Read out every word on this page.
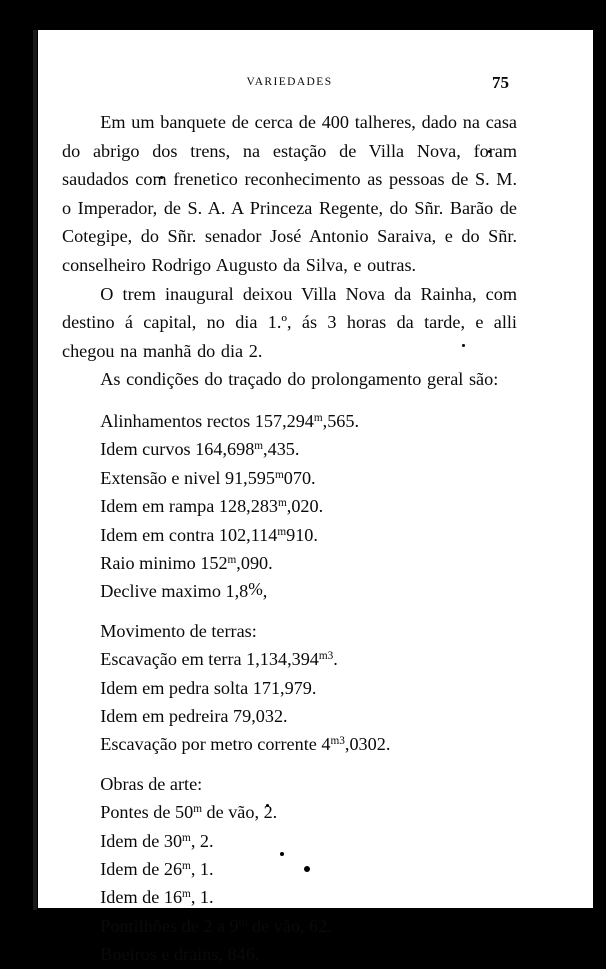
VARIEDADES	75

Em um banquete de cerca de 400 talheres, dado na casa do abrigo dos trens, na estação de Villa Nova, foram saudados com frenetico reconhecimento as pessoas de S. M. o Imperador, de S. A. A Princeza Regente, do Sñr. Barão de Cotegipe, do Sñr. senador José Antonio Saraiva, e do Sñr. conselheiro Rodrigo Augusto da Silva, e outras.

O trem inaugural deixou Villa Nova da Rainha, com destino á capital, no dia 1.º, ás 3 horas da tarde, e alli chegou na manhã do dia 2.

As condições do traçado do prolongamento geral são:

Alinhamentos rectos 157,294$^m$,565.
Idem curvos 164,698$^m$,435.
Extensão e nivel 91,595$^m$070.
Idem em rampa 128,283$^m$,020.
Idem em contra 102,114$^m$910.
Raio minimo 152$^m$,090.
Declive maximo 1,8%,
Movimento de terras:
Escavação em terra $1,134,394^{m3}$.
Idem em pedra solta 171,979.
Idem em pedreira 79,032.
Escavação por metro corrente $4^{m3},0302$.
Obras de arte:
Pontes de 50$^m$ de vão, 2.
Idem de 30$^m$, 2.
Idem de 26$^m$, 1.
Idem de 16$^m$, 1.
Pontilhões de 2 a 9$^m$ de vão, 62.
Boeiros e drains, 846.
